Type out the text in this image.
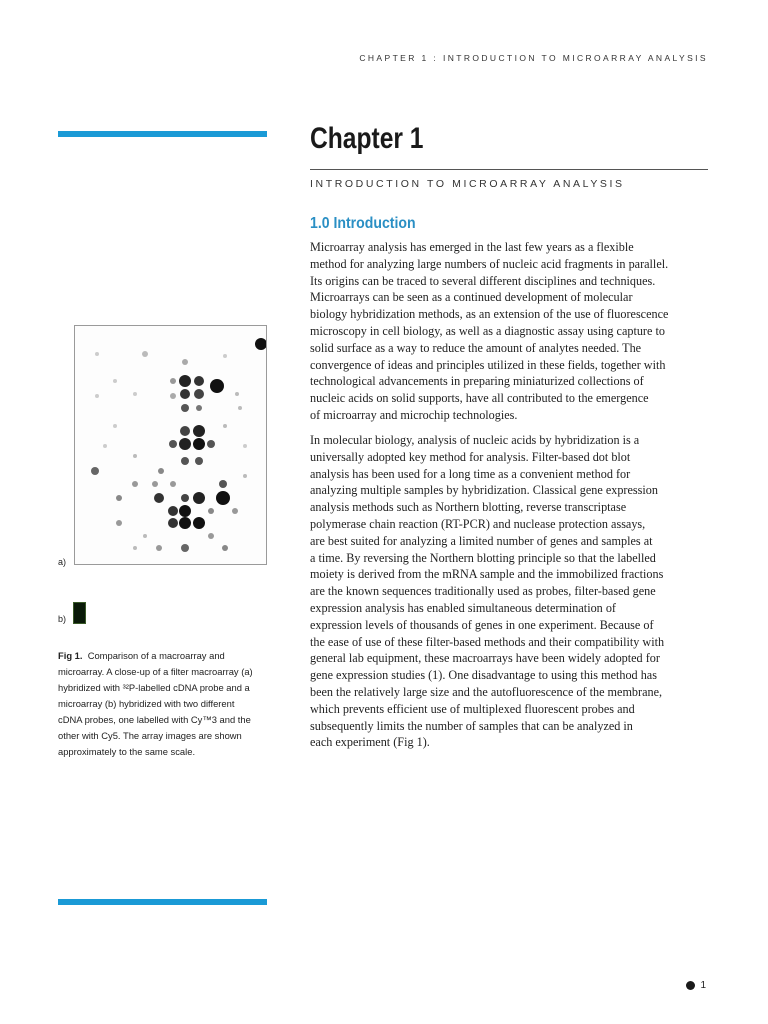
CHAPTER 1 : INTRODUCTION TO MICROARRAY ANALYSIS
Chapter 1
INTRODUCTION TO MICROARRAY ANALYSIS
1.0 Introduction
Microarray analysis has emerged in the last few years as a flexible
method for analyzing large numbers of nucleic acid fragments in parallel.
Its origins can be traced to several different disciplines and techniques.
Microarrays can be seen as a continued development of molecular
biology hybridization methods, as an extension of the use of fluorescence
microscopy in cell biology, as well as a diagnostic assay using capture to
solid surface as a way to reduce the amount of analytes needed. The
convergence of ideas and principles utilized in these fields, together with
technological advancements in preparing miniaturized collections of
nucleic acids on solid supports, have all contributed to the emergence
of microarray and microchip technologies.
In molecular biology, analysis of nucleic acids by hybridization is a
universally adopted key method for analysis. Filter-based dot blot
analysis has been used for a long time as a convenient method for
analyzing multiple samples by hybridization. Classical gene expression
analysis methods such as Northern blotting, reverse transcriptase
polymerase chain reaction (RT-PCR) and nuclease protection assays,
are best suited for analyzing a limited number of genes and samples at
a time. By reversing the Northern blotting principle so that the labelled
moiety is derived from the mRNA sample and the immobilized fractions
are the known sequences traditionally used as probes, filter-based gene
expression analysis has enabled simultaneous determination of
expression levels of thousands of genes in one experiment. Because of
the ease of use of these filter-based methods and their compatibility with
general lab equipment, these macroarrays have been widely adopted for
gene expression studies (1). One disadvantage to using this method has
been the relatively large size and the autofluorescence of the membrane,
which prevents efficient use of multiplexed fluorescent probes and
subsequently limits the number of samples that can be analyzed in
each experiment (Fig 1).
a)
b)
Fig 1. Comparison of a macroarray and
microarray. A close-up of a filter macroarray (a)
hybridized with ³²P-labelled cDNA probe and a
microarray (b) hybridized with two different
cDNA probes, one labelled with Cy™3 and the
other with Cy5. The array images are shown
approximately to the same scale.
1
